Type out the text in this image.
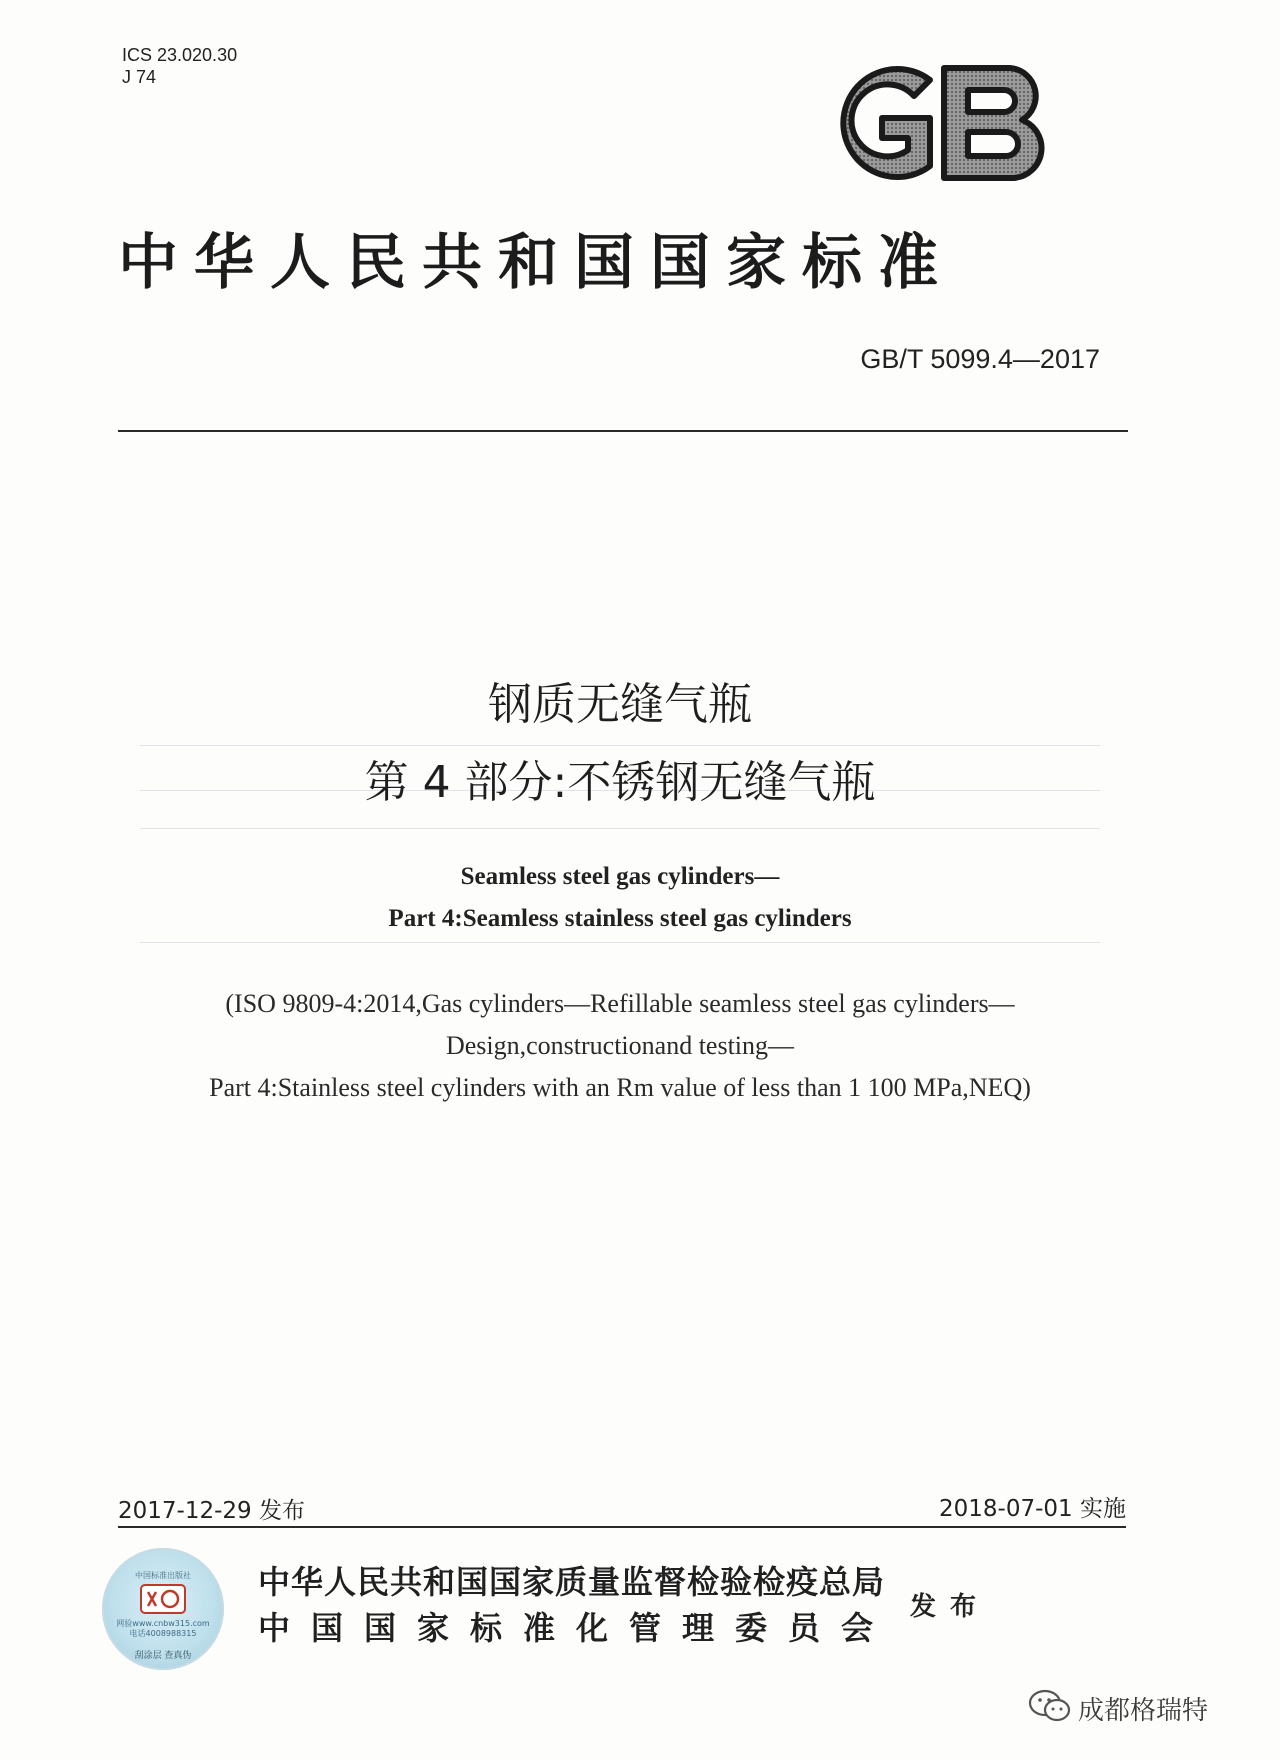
ICS 23.020.30
J 74
中华人民共和国国家标准
GB/T 5099.4—2017
钢质无缝气瓶
第 4 部分:不锈钢无缝气瓶
Seamless steel gas cylinders—
Part 4:Seamless stainless steel gas cylinders
(ISO 9809-4:2014,Gas cylinders—Refillable seamless steel gas cylinders—
Design,constructionand testing—
Part 4:Stainless steel cylinders with an Rm value of less than 1 100 MPa,NEQ)
2017-12-29 发布	2018-07-01 实施
中国标准出版社
网验www.cnbw315.com
电话4008988315
刮涂层 查真伪
中华人民共和国国家质量监督检验检疫总局
中国国家标准化管理委员会
发布
成都格瑞特
